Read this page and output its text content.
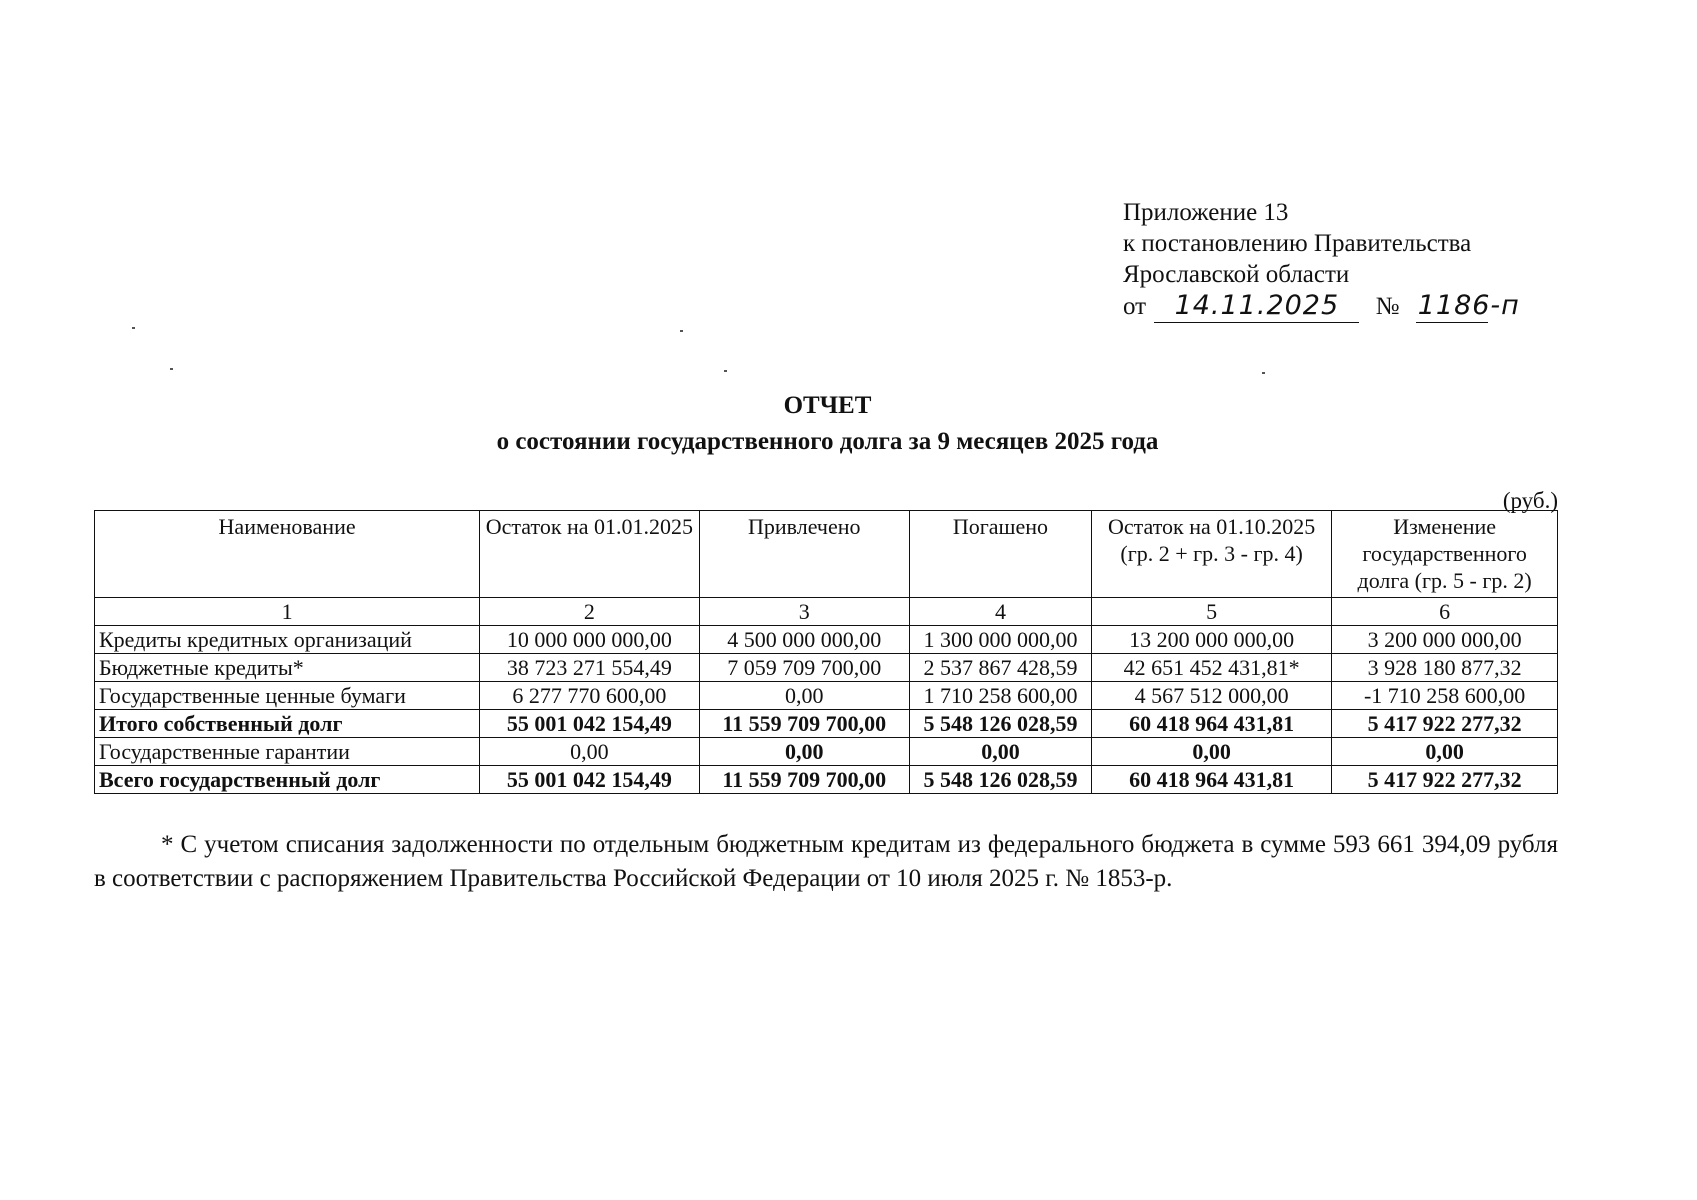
Приложение 13
к постановлению Правительства
Ярославской области
от 14.11.2025 № 1186-п
ОТЧЕТ
о состоянии государственного долга за 9 месяцев 2025 года
(руб.)
Наименование	Остаток на 01.01.2025	Привлечено	Погашено	Остаток на 01.10.2025 (гр. 2 + гр. 3 - гр. 4)	Изменение государственного долга (гр. 5 - гр. 2)
1	2	3	4	5	6
Кредиты кредитных организаций	10 000 000 000,00	4 500 000 000,00	1 300 000 000,00	13 200 000 000,00	3 200 000 000,00
Бюджетные кредиты*	38 723 271 554,49	7 059 709 700,00	2 537 867 428,59	42 651 452 431,81*	3 928 180 877,32
Государственные ценные бумаги	6 277 770 600,00	0,00	1 710 258 600,00	4 567 512 000,00	-1 710 258 600,00
Итого собственный долг	55 001 042 154,49	11 559 709 700,00	5 548 126 028,59	60 418 964 431,81	5 417 922 277,32
Государственные гарантии	0,00	0,00	0,00	0,00	0,00
Всего государственный долг	55 001 042 154,49	11 559 709 700,00	5 548 126 028,59	60 418 964 431,81	5 417 922 277,32
* С учетом списания задолженности по отдельным бюджетным кредитам из федерального бюджета в сумме 593 661 394,09 рубля в соответствии с распоряжением Правительства Российской Федерации от 10 июля 2025 г. № 1853-р.
